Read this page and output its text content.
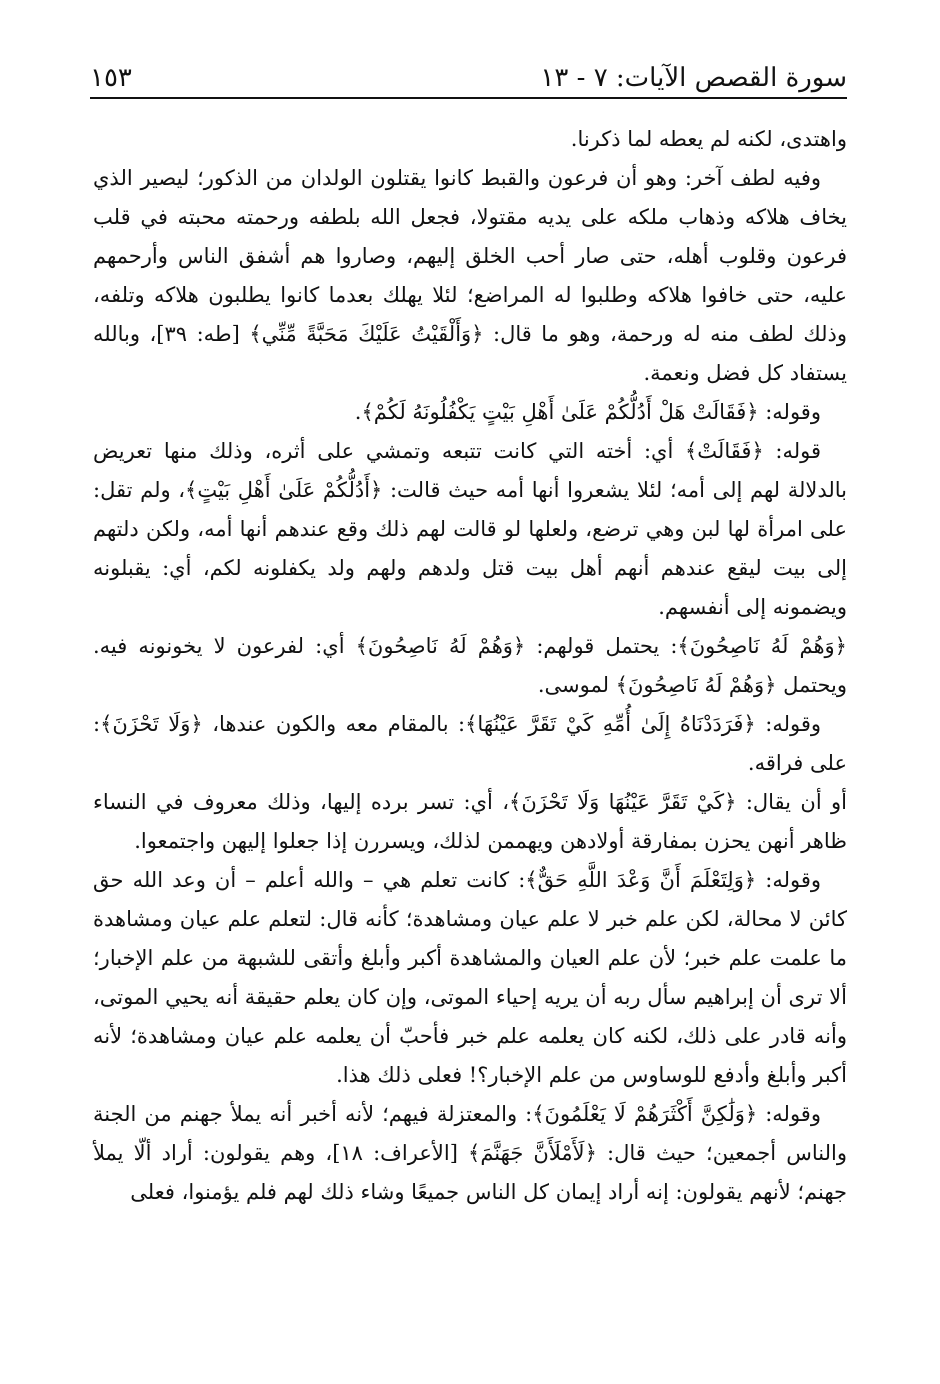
سورة القصص الآيات: ٧ - ١٣
١٥٣

واهتدى، لكنه لم يعطه لما ذكرنا.

وفيه لطف آخر: وهو أن فرعون والقبط كانوا يقتلون الولدان من الذكور؛ ليصير الذي يخاف هلاكه وذهاب ملكه على يديه مقتولا، فجعل الله بلطفه ورحمته محبته في قلب فرعون وقلوب أهله، حتى صار أحب الخلق إليهم، وصاروا هم أشفق الناس وأرحمهم عليه، حتى خافوا هلاكه وطلبوا له المراضع؛ لئلا يهلك بعدما كانوا يطلبون هلاكه وتلفه، وذلك لطف منه له ورحمة، وهو ما قال: ﴿وَأَلْقَيْتُ عَلَيْكَ مَحَبَّةً مِّنِّي﴾ [طه: ٣٩]، وبالله يستفاد كل فضل ونعمة.

وقوله: ﴿فَقَالَتْ هَلْ أَدُلُّكُمْ عَلَىٰ أَهْلِ بَيْتٍ يَكْفُلُونَهُ لَكُمْ﴾.

قوله: ﴿فَقَالَتْ﴾ أي: أخته التي كانت تتبعه وتمشي على أثره، وذلك منها تعريض بالدلالة لهم إلى أمه؛ لئلا يشعروا أنها أمه حيث قالت: ﴿أَدُلُّكُمْ عَلَىٰ أَهْلِ بَيْتٍ﴾، ولم تقل: على امرأة لها لبن وهي ترضع، ولعلها لو قالت لهم ذلك وقع عندهم أنها أمه، ولكن دلتهم إلى بيت ليقع عندهم أنهم أهل بيت قتل ولدهم ولهم ولد يكفلونه لكم، أي: يقبلونه ويضمونه إلى أنفسهم.

﴿وَهُمْ لَهُ نَاصِحُونَ﴾: يحتمل قولهم: ﴿وَهُمْ لَهُ نَاصِحُونَ﴾ أي: لفرعون لا يخونونه فيه. ويحتمل ﴿وَهُمْ لَهُ نَاصِحُونَ﴾ لموسى.

وقوله: ﴿فَرَدَدْنَاهُ إِلَىٰ أُمِّهِ كَيْ تَقَرَّ عَيْنُهَا﴾: بالمقام معه والكون عندها، ﴿وَلَا تَحْزَنَ﴾: على فراقه.

أو أن يقال: ﴿كَيْ تَقَرَّ عَيْنُهَا وَلَا تَحْزَنَ﴾، أي: تسر برده إليها، وذلك معروف في النساء ظاهر أنهن يحزن بمفارقة أولادهن ويهممن لذلك، ويسررن إذا جعلوا إليهن واجتمعوا.

وقوله: ﴿وَلِتَعْلَمَ أَنَّ وَعْدَ اللَّهِ حَقٌّ﴾: كانت تعلم هي – والله أعلم – أن وعد الله حق كائن لا محالة، لكن علم خبر لا علم عيان ومشاهدة؛ كأنه قال: لتعلم علم عيان ومشاهدة ما علمت علم خبر؛ لأن علم العيان والمشاهدة أكبر وأبلغ وأتقى للشبهة من علم الإخبار؛ ألا ترى أن إبراهيم سأل ربه أن يريه إحياء الموتى، وإن كان يعلم حقيقة أنه يحيي الموتى، وأنه قادر على ذلك، لكنه كان يعلمه علم خبر فأحبّ أن يعلمه علم عيان ومشاهدة؛ لأنه أكبر وأبلغ وأدفع للوساوس من علم الإخبار؟! فعلى ذلك هذا.

وقوله: ﴿وَلَٰكِنَّ أَكْثَرَهُمْ لَا يَعْلَمُونَ﴾: والمعتزلة فيهم؛ لأنه أخبر أنه يملأ جهنم من الجنة والناس أجمعين؛ حيث قال: ﴿لَأَمْلَأَنَّ جَهَنَّمَ﴾ [الأعراف: ١٨]، وهم يقولون: أراد ألّا يملأ جهنم؛ لأنهم يقولون: إنه أراد إيمان كل الناس جميعًا وشاء ذلك لهم فلم يؤمنوا، فعلى
